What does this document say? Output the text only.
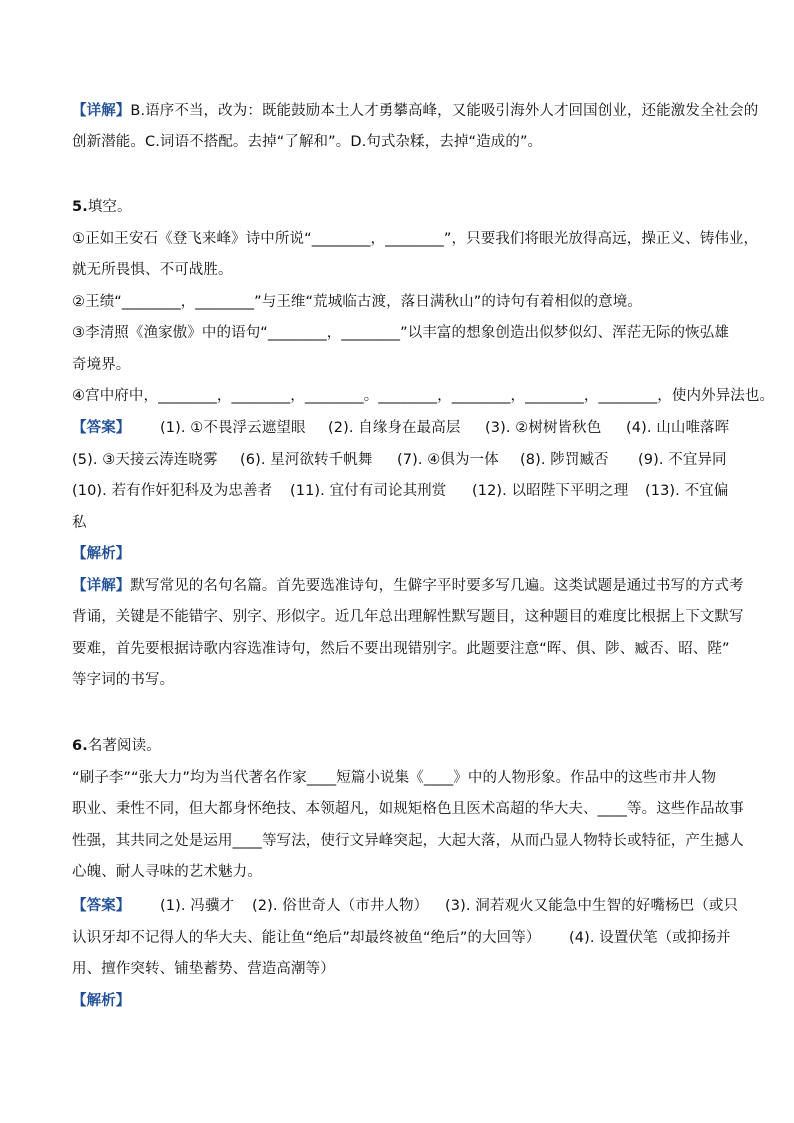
【详解】B.语序不当，改为：既能鼓励本土人才勇攀高峰，又能吸引海外人才回国创业，还能激发全社会的
创新潜能。C.词语不搭配。去掉“了解和”。D.句式杂糅，去掉“造成的”。
5.填空。
①正如王安石《登飞来峰》诗中所说“________，________”，只要我们将眼光放得高远，操正义、铸伟业，
就无所畏惧、不可战胜。
②王绩“________，________”与王维“荒城临古渡，落日满秋山”的诗句有着相似的意境。
③李清照《渔家傲》中的语句“________，________”以丰富的想象创造出似梦似幻、浑茫无际的恢弘雄
奇境界。
④宫中府中，________，________，________。________，________，________，________，使内外异法也。
【答案】 (1). ①不畏浮云遮望眼 (2). 自缘身在最高层 (3). ②树树皆秋色 (4). 山山唯落晖
(5). ③天接云涛连晓雾 (6). 星河欲转千帆舞 (7). ④俱为一体 (8). 陟罚臧否 (9). 不宜异同
(10). 若有作奸犯科及为忠善者 (11). 宜付有司论其刑赏 (12). 以昭陛下平明之理 (13). 不宜偏
私
【解析】
【详解】默写常见的名句名篇。首先要选准诗句，生僻字平时要多写几遍。这类试题是通过书写的方式考
背诵，关键是不能错字、别字、形似字。近几年总出理解性默写题目，这种题目的难度比根据上下文默写
要难，首先要根据诗歌内容选准诗句，然后不要出现错别字。此题要注意“晖、俱、陟、臧否、昭、陛”
等字词的书写。
6.名著阅读。
“刷子李”“张大力”均为当代著名作家____短篇小说集《____》中的人物形象。作品中的这些市井人物
职业、秉性不同，但大都身怀绝技、本领超凡，如规矩格色且医术高超的华大夫、____等。这些作品故事
性强，其共同之处是运用____等写法，使行文异峰突起，大起大落，从而凸显人物特长或特征，产生撼人
心魄、耐人寻味的艺术魅力。
【答案】 (1). 冯骥才 (2). 俗世奇人（市井人物） (3). 洞若观火又能急中生智的好嘴杨巴（或只
认识牙却不记得人的华大夫、能让鱼“绝后”却最终被鱼“绝后”的大回等） (4). 设置伏笔（或抑扬并
用、擅作突转、铺垫蓄势、营造高潮等）
【解析】
